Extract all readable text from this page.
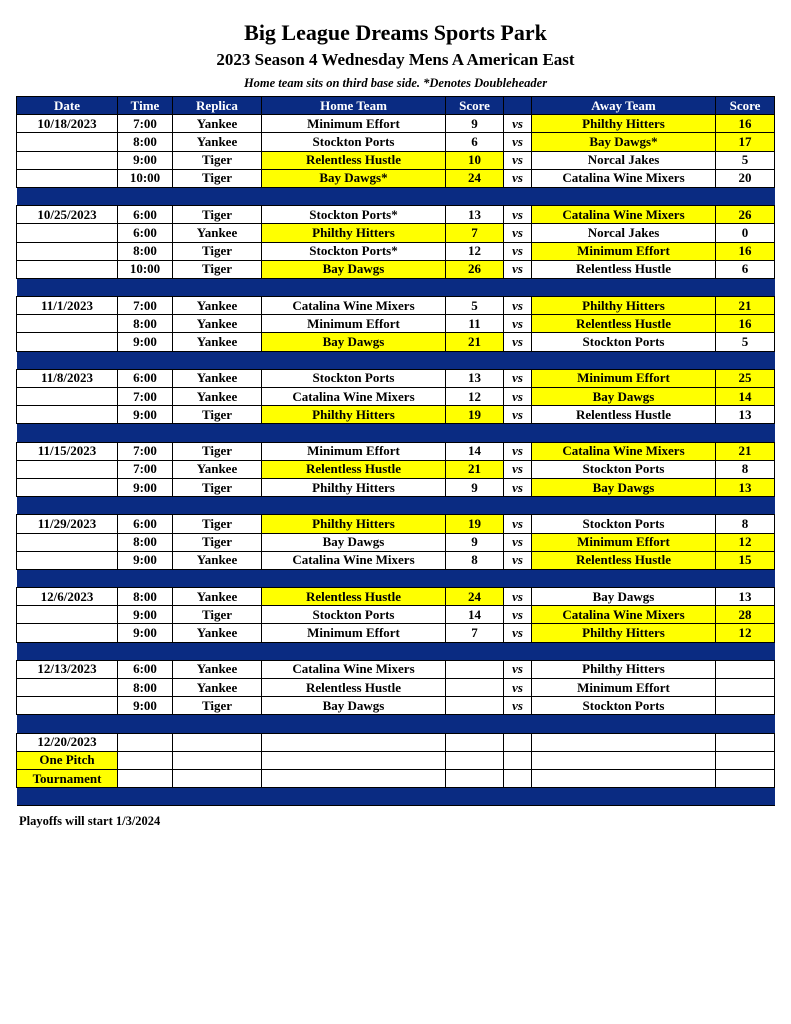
Big League Dreams Sports Park
2023 Season 4 Wednesday Mens A American East
Home team sits on third base side. *Denotes Doubleheader
Date	Time	Replica	Home Team	Score		Away Team	Score
10/18/2023	7:00	Yankee	Minimum Effort	9	vs	Philthy Hitters	16
	8:00	Yankee	Stockton Ports	6	vs	Bay Dawgs*	17
	9:00	Tiger	Relentless Hustle	10	vs	Norcal Jakes	5
	10:00	Tiger	Bay Dawgs*	24	vs	Catalina Wine Mixers	20

10/25/2023	6:00	Tiger	Stockton Ports*	13	vs	Catalina Wine Mixers	26
	6:00	Yankee	Philthy Hitters	7	vs	Norcal Jakes	0
	8:00	Tiger	Stockton Ports*	12	vs	Minimum Effort	16
	10:00	Tiger	Bay Dawgs	26	vs	Relentless Hustle	6

11/1/2023	7:00	Yankee	Catalina Wine Mixers	5	vs	Philthy Hitters	21
	8:00	Yankee	Minimum Effort	11	vs	Relentless Hustle	16
	9:00	Yankee	Bay Dawgs	21	vs	Stockton Ports	5

11/8/2023	6:00	Yankee	Stockton Ports	13	vs	Minimum Effort	25
	7:00	Yankee	Catalina Wine Mixers	12	vs	Bay Dawgs	14
	9:00	Tiger	Philthy Hitters	19	vs	Relentless Hustle	13

11/15/2023	7:00	Tiger	Minimum Effort	14	vs	Catalina Wine Mixers	21
	7:00	Yankee	Relentless Hustle	21	vs	Stockton Ports	8
	9:00	Tiger	Philthy Hitters	9	vs	Bay Dawgs	13

11/29/2023	6:00	Tiger	Philthy Hitters	19	vs	Stockton Ports	8
	8:00	Tiger	Bay Dawgs	9	vs	Minimum Effort	12
	9:00	Yankee	Catalina Wine Mixers	8	vs	Relentless Hustle	15

12/6/2023	8:00	Yankee	Relentless Hustle	24	vs	Bay Dawgs	13
	9:00	Tiger	Stockton Ports	14	vs	Catalina Wine Mixers	28
	9:00	Yankee	Minimum Effort	7	vs	Philthy Hitters	12

12/13/2023	6:00	Yankee	Catalina Wine Mixers		vs	Philthy Hitters	
	8:00	Yankee	Relentless Hustle		vs	Minimum Effort	
	9:00	Tiger	Bay Dawgs		vs	Stockton Ports	

12/20/2023							
One Pitch							
Tournament							

Playoffs will start 1/3/2024
